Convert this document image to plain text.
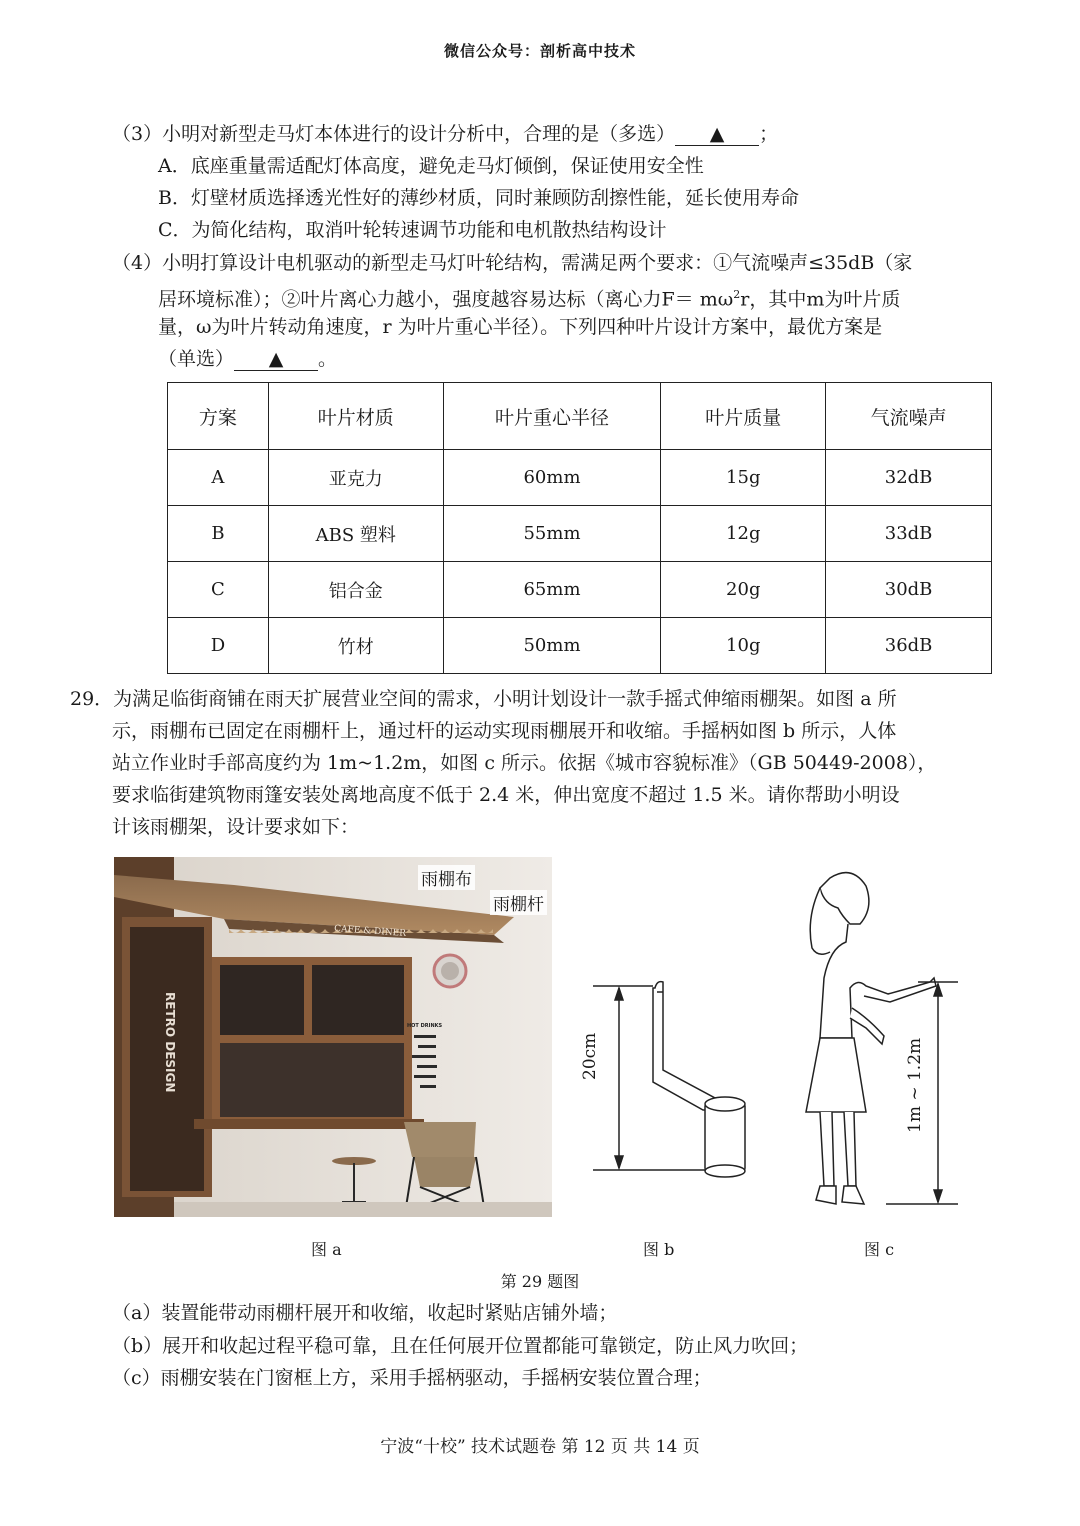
微信公众号：剖析高中技术
（3）小明对新型走马灯本体进行的设计分析中，合理的是（多选） ▲ ；
A．底座重量需适配灯体高度，避免走马灯倾倒，保证使用安全性
B．灯壁材质选择透光性好的薄纱材质，同时兼顾防刮擦性能，延长使用寿命
C．为简化结构，取消叶轮转速调节功能和电机散热结构设计
（4）小明打算设计电机驱动的新型走马灯叶轮结构，需满足两个要求：①气流噪声≤35dB（家
居环境标准）；②叶片离心力越小，强度越容易达标（离心力$F= m\omega^2r$，其中m为叶片质
量，ω为叶片转动角速度，r 为叶片重心半径）。下列四种叶片设计方案中，最优方案是
（单选） ▲ 。
方案	叶片材质	叶片重心半径	叶片质量	气流噪声
A	亚克力	60mm	15g	32dB
B	ABS 塑料	55mm	12g	33dB
C	铝合金	65mm	20g	30dB
D	竹材	50mm	10g	36dB
29．为满足临街商铺在雨天扩展营业空间的需求，小明计划设计一款手摇式伸缩雨棚架。如图 a 所
示，雨棚布已固定在雨棚杆上，通过杆的运动实现雨棚展开和收缩。手摇柄如图 b 所示，人体
站立作业时手部高度约为 1m~1.2m，如图 c 所示。依据《城市容貌标准》（GB 50449-2008），
要求临街建筑物雨篷安装处离地高度不低于 2.4 米，伸出宽度不超过 1.5 米。请你帮助小明设
计该雨棚架，设计要求如下：
CAFE & DINER
RETRO DESIGN	HOT DRINKS
雨棚布
雨棚杆
20cm	1m ~ 1.2m
图 a	图 b	图 c
第 29 题图
（a）装置能带动雨棚杆展开和收缩，收起时紧贴店铺外墙；
（b）展开和收起过程平稳可靠，且在任何展开位置都能可靠锁定，防止风力吹回；
（c）雨棚安装在门窗框上方，采用手摇柄驱动，手摇柄安装位置合理；
宁波“十校” 技术试题卷 第 12 页 共 14 页
